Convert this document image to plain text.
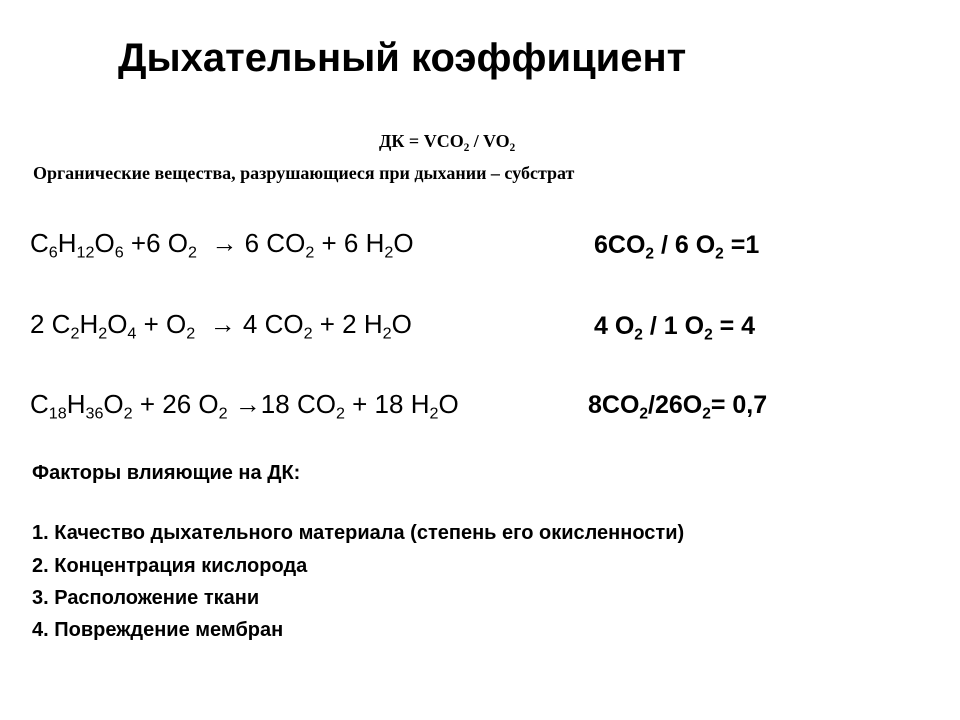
Дыхательный коэффициент
ДК = $VCO_2 / VO_2$
Органические вещества, разрушающиеся при дыхании – субстрат
$C_6H_{12}O_6 +6$ $O_2 \to 6$ $CO_2 + 6$ $H_2O$	$6CO_2 / 6$ $O_2 =1$
2 $C_2H_2O_4 + O_2 \to 4$ $CO_2 + 2$ $H_2O$	4 $O_2 / 1$ $O_2 = 4$
$C_{18}H_{36}O_2 + 26$ $O_2 \to 18$ $CO_2 + 18$ $H_2O$	$8CO_2/26O_2= 0,7$
Факторы влияющие на ДК:
1. Качество дыхательного материала (степень его окисленности)
2. Концентрация кислорода
3. Расположение ткани
4. Повреждение мембран
